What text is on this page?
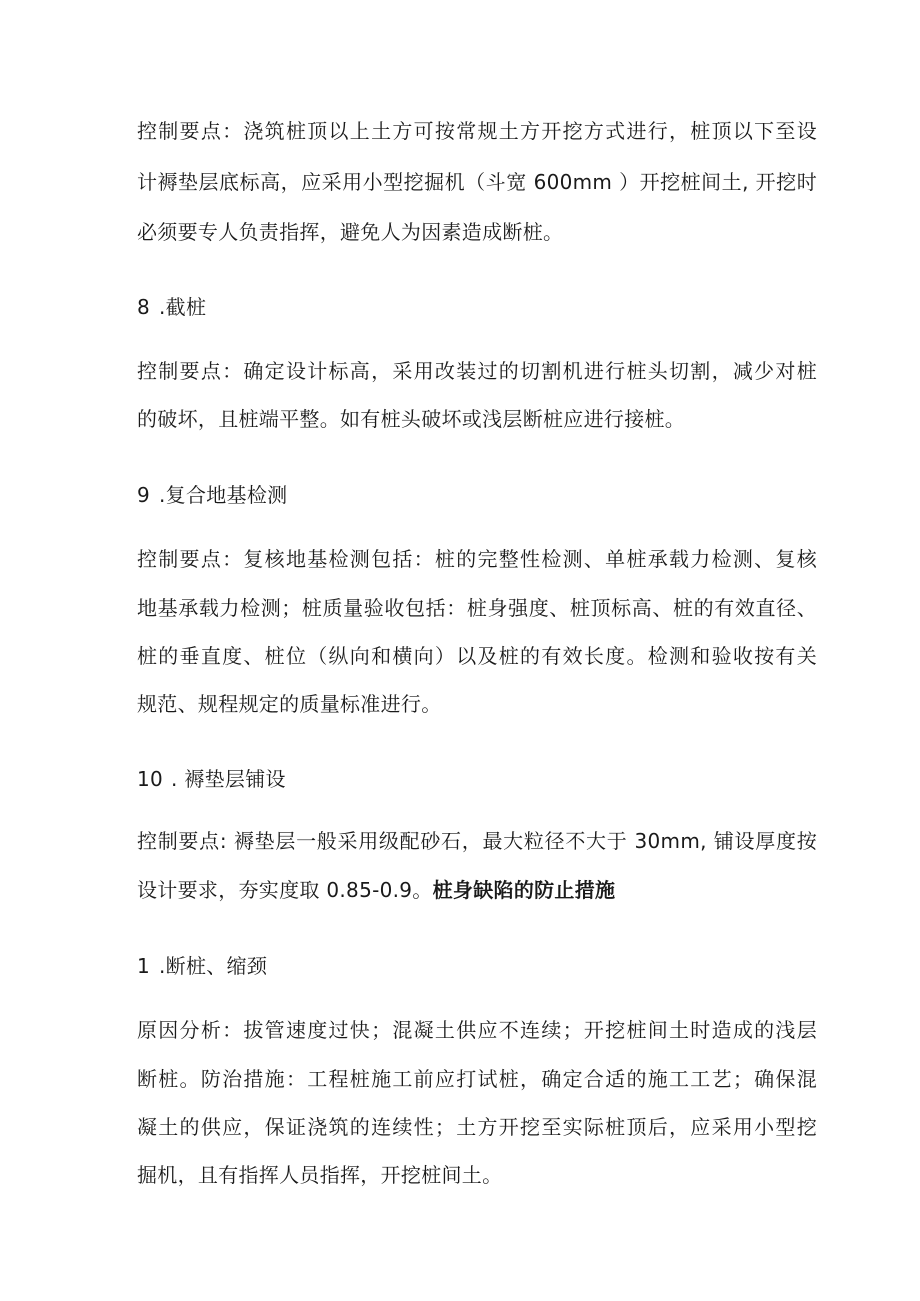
控制要点：浇筑桩顶以上土方可按常规土方开挖方式进行，桩顶以下至设
计褥垫层底标高，应采用小型挖掘机（斗宽 600mm ）开挖桩间土, 开挖时
必须要专人负责指挥，避免人为因素造成断桩。
8 .截桩
控制要点：确定设计标高，采用改装过的切割机进行桩头切割，减少对桩
的破坏，且桩端平整。如有桩头破坏或浅层断桩应进行接桩。
9 .复合地基检测
控制要点：复核地基检测包括：桩的完整性检测、单桩承载力检测、复核
地基承载力检测；桩质量验收包括：桩身强度、桩顶标高、桩的有效直径、
桩的垂直度、桩位（纵向和横向）以及桩的有效长度。检测和验收按有关
规范、规程规定的质量标准进行。
10 . 褥垫层铺设
控制要点: 褥垫层一般采用级配砂石，最大粒径不大于 30mm, 铺设厚度按
设计要求，夯实度取 0.85-0.9。桩身缺陷的防止措施
1 .断桩、缩颈
原因分析：拔管速度过快；混凝土供应不连续；开挖桩间土时造成的浅层
断桩。防治措施：工程桩施工前应打试桩，确定合适的施工工艺；确保混
凝土的供应，保证浇筑的连续性；土方开挖至实际桩顶后，应采用小型挖
掘机，且有指挥人员指挥，开挖桩间土。
